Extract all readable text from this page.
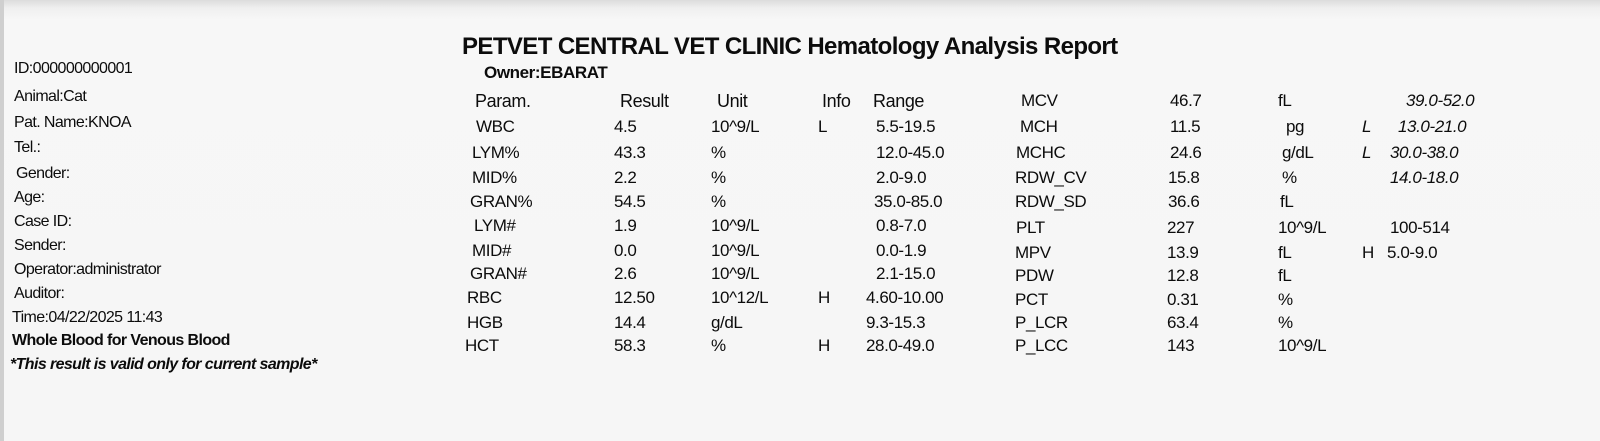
PETVET CENTRAL VET CLINIC Hematology Analysis Report
Owner:EBARAT
ID:000000000001
Animal:Cat
Pat. Name:KNOA
Tel.:
Gender:
Age:
Case ID:
Sender:
Operator:administrator
Auditor:
Time:04/22/2025 11:43
Whole Blood for Venous Blood
*This result is valid only for current sample*
Param.	Result	Unit	Info Range
WBC	4.5	10^9/L	L	5.5-19.5
LYM%	43.3	%	12.0-45.0
MID%	2.2	%	2.0-9.0
GRAN%	54.5	%	35.0-85.0
LYM#	1.9	10^9/L	0.8-7.0
MID#	0.0	10^9/L	0.0-1.9
GRAN#	2.6	10^9/L	2.1-15.0
RBC	12.50	10^12/L	H 4.60-10.00
HGB	14.4	g/dL	9.3-15.3
HCT	58.3	%	H 28.0-49.0
MCV	46.7	fL	39.0-52.0
MCH	11.5	pg	L 13.0-21.0
MCHC	24.6	g/dL	L 30.0-38.0
RDW_CV	15.8	%	14.0-18.0
RDW_SD	36.6	fL
PLT	227	10^9/L	100-514
MPV	13.9	fL	H 5.0-9.0
PDW	12.8	fL
PCT	0.31	%
P_LCR	63.4	%
P_LCC	143	10^9/L
